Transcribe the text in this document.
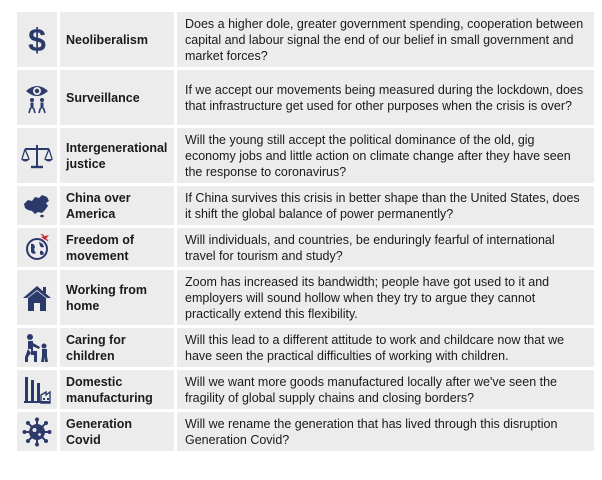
$	Neoliberalism
Does a higher dole, greater government spending, cooperation between capital and labour signal the end of our belief in small government and market forces?
Surveillance
If we accept our movements being measured during the lockdown, does that infrastructure get used for other purposes when the crisis is over?
Intergenerational justice
Will the young still accept the political dominance of the old, gig economy jobs and little action on climate change after they have seen the response to coronavirus?
China over America
If China survives this crisis in better shape than the United States, does it shift the global balance of power permanently?
Freedom of movement
Will individuals, and countries, be enduringly fearful of international travel for tourism and study?
Working from home
Zoom has increased its bandwidth; people have got used to it and employers will sound hollow when they try to argue they cannot practically extend this flexibility.
Caring for children
Will this lead to a different attitude to work and childcare now that we have seen the practical difficulties of working with children.
Domestic manufacturing
Will we want more goods manufactured locally after we've seen the fragility of global supply chains and closing borders?
Generation Covid
Will we rename the generation that has lived through this disruption Generation Covid?
